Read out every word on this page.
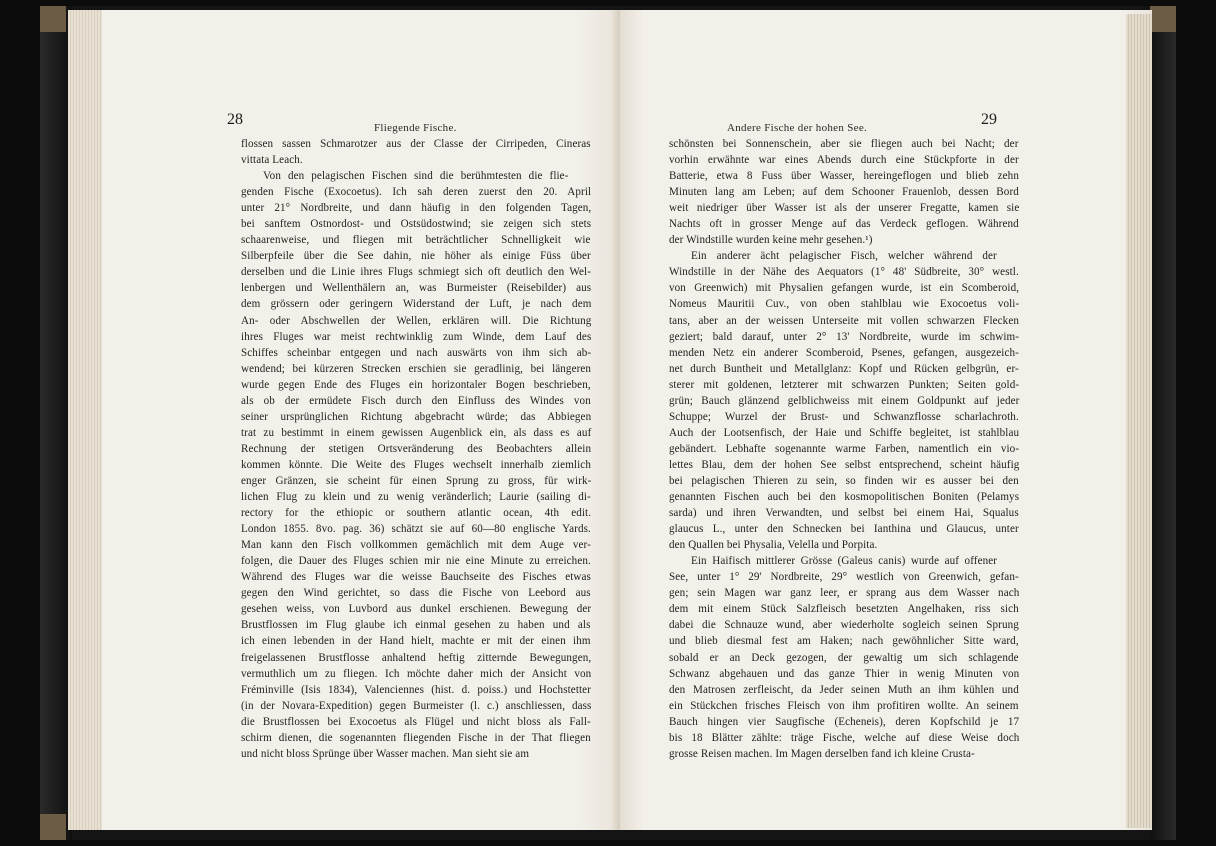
28	Fliegende Fische.
flossen sassen Schmarotzer aus der Classe der Cirripeden, Cineras
vittata Leach.
Von den pelagischen Fischen sind die berühmtesten die flie-
genden Fische (Exocoetus). Ich sah deren zuerst den 20. April
unter 21° Nordbreite, und dann häufig in den folgenden Tagen,
bei sanftem Ostnordost- und Ostsüdostwind; sie zeigen sich stets
schaarenweise, und fliegen mit beträchtlicher Schnelligkeit wie
Silberpfeile über die See dahin, nie höher als einige Füss über
derselben und die Linie ihres Flugs schmiegt sich oft deutlich den Wel-
lenbergen und Wellenthälern an, was Burmeister (Reisebilder) aus
dem grössern oder geringern Widerstand der Luft, je nach dem
An- oder Abschwellen der Wellen, erklären will. Die Richtung
ihres Fluges war meist rechtwinklig zum Winde, dem Lauf des
Schiffes scheinbar entgegen und nach auswärts von ihm sich ab-
wendend; bei kürzeren Strecken erschien sie geradlinig, bei längeren
wurde gegen Ende des Fluges ein horizontaler Bogen beschrieben,
als ob der ermüdete Fisch durch den Einfluss des Windes von
seiner ursprünglichen Richtung abgebracht würde; das Abbiegen
trat zu bestimmt in einem gewissen Augenblick ein, als dass es auf
Rechnung der stetigen Ortsveränderung des Beobachters allein
kommen könnte. Die Weite des Fluges wechselt innerhalb ziemlich
enger Gränzen, sie scheint für einen Sprung zu gross, für wirk-
lichen Flug zu klein und zu wenig veränderlich; Laurie (sailing di-
rectory for the ethiopic or southern atlantic ocean, 4th edit.
London 1855. 8vo. pag. 36) schätzt sie auf 60—80 englische Yards.
Man kann den Fisch vollkommen gemächlich mit dem Auge ver-
folgen, die Dauer des Fluges schien mir nie eine Minute zu erreichen.
Während des Fluges war die weisse Bauchseite des Fisches etwas
gegen den Wind gerichtet, so dass die Fische von Leebord aus
gesehen weiss, von Luvbord aus dunkel erschienen. Bewegung der
Brustflossen im Flug glaube ich einmal gesehen zu haben und als
ich einen lebenden in der Hand hielt, machte er mit der einen ihm
freigelassenen Brustflosse anhaltend heftig zitternde Bewegungen,
vermuthlich um zu fliegen. Ich möchte daher mich der Ansicht von
Fréminville (Isis 1834), Valenciennes (hist. d. poiss.) und Hochstetter
(in der Novara-Expedition) gegen Burmeister (l. c.) anschliessen, dass
die Brustflossen bei Exocoetus als Flügel und nicht bloss als Fall-
schirm dienen, die sogenannten fliegenden Fische in der That fliegen
und nicht bloss Sprünge über Wasser machen. Man sieht sie am
Andere Fische der hohen See.	29
schönsten bei Sonnenschein, aber sie fliegen auch bei Nacht; der
vorhin erwähnte war eines Abends durch eine Stückpforte in der
Batterie, etwa 8 Fuss über Wasser, hereingeflogen und blieb zehn
Minuten lang am Leben; auf dem Schooner Frauenlob, dessen Bord
weit niedriger über Wasser ist als der unserer Fregatte, kamen sie
Nachts oft in grosser Menge auf das Verdeck geflogen. Während
der Windstille wurden keine mehr gesehen.¹)
Ein anderer ächt pelagischer Fisch, welcher während der
Windstille in der Nähe des Aequators (1° 48' Südbreite, 30° westl.
von Greenwich) mit Physalien gefangen wurde, ist ein Scomberoid,
Nomeus Mauritii Cuv., von oben stahlblau wie Exocoetus voli-
tans, aber an der weissen Unterseite mit vollen schwarzen Flecken
geziert; bald darauf, unter 2° 13' Nordbreite, wurde im schwim-
menden Netz ein anderer Scomberoid, Psenes, gefangen, ausgezeich-
net durch Buntheit und Metallglanz: Kopf und Rücken gelbgrün, er-
sterer mit goldenen, letzterer mit schwarzen Punkten; Seiten gold-
grün; Bauch glänzend gelblichweiss mit einem Goldpunkt auf jeder
Schuppe; Wurzel der Brust- und Schwanzflosse scharlachroth.
Auch der Lootsenfisch, der Haie und Schiffe begleitet, ist stahlblau
gebändert. Lebhafte sogenannte warme Farben, namentlich ein vio-
lettes Blau, dem der hohen See selbst entsprechend, scheint häufig
bei pelagischen Thieren zu sein, so finden wir es ausser bei den
genannten Fischen auch bei den kosmopolitischen Boniten (Pelamys
sarda) und ihren Verwandten, und selbst bei einem Hai, Squalus
glaucus L., unter den Schnecken bei Ianthina und Glaucus, unter
den Quallen bei Physalia, Velella und Porpita.
Ein Haifisch mittlerer Grösse (Galeus canis) wurde auf offener
See, unter 1° 29' Nordbreite, 29° westlich von Greenwich, gefan-
gen; sein Magen war ganz leer, er sprang aus dem Wasser nach
dem mit einem Stück Salzfleisch besetzten Angelhaken, riss sich
dabei die Schnauze wund, aber wiederholte sogleich seinen Sprung
und blieb diesmal fest am Haken; nach gewöhnlicher Sitte ward,
sobald er an Deck gezogen, der gewaltig um sich schlagende
Schwanz abgehauen und das ganze Thier in wenig Minuten von
den Matrosen zerfleischt, da Jeder seinen Muth an ihm kühlen und
ein Stückchen frisches Fleisch von ihm profitiren wollte. An seinem
Bauch hingen vier Saugfische (Echeneis), deren Kopfschild je 17
bis 18 Blätter zählte: träge Fische, welche auf diese Weise doch
grosse Reisen machen. Im Magen derselben fand ich kleine Crusta-
